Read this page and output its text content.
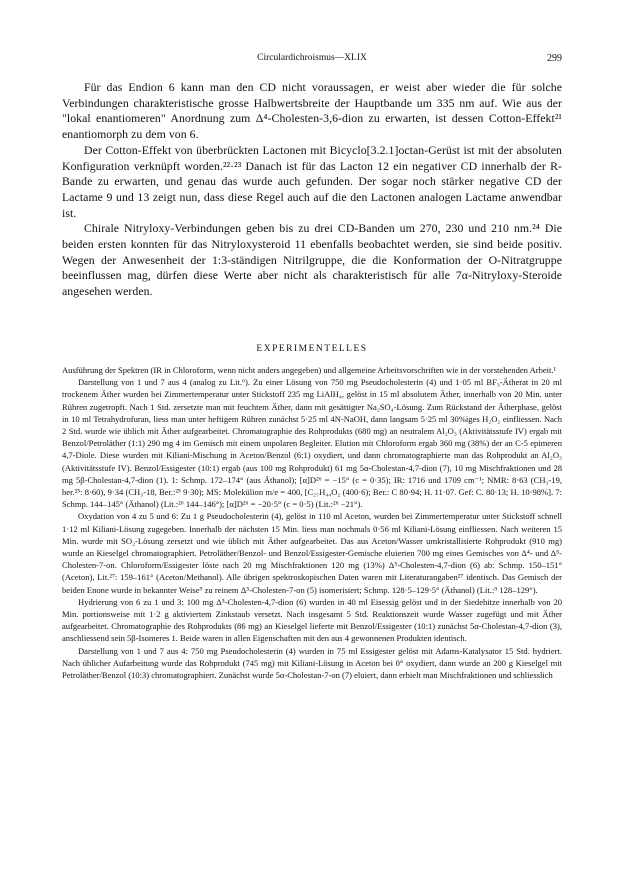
Circulardichroismus—XLIX	299

Für das Endion 6 kann man den CD nicht voraussagen, er weist aber wieder die für solche Verbindungen charakteristische grosse Halbwertsbreite der Hauptbande um 335 nm auf. Wie aus der "lokal enantiomeren" Anordnung zum Δ⁴-Cholesten-3,6-dion zu erwarten, ist dessen Cotton-Effekt²¹ enantiomorph zu dem von 6.

Der Cotton-Effekt von überbrückten Lactonen mit Bicyclo[3.2.1]octan-Gerüst ist mit der absoluten Konfiguration verknüpft worden.²²·²³ Danach ist für das Lacton 12 ein negativer CD innerhalb der R-Bande zu erwarten, und genau das wurde auch gefunden. Der sogar noch stärker negative CD der Lactame 9 und 13 zeigt nun, dass diese Regel auch auf die den Lactonen analogen Lactame anwendbar ist.

Chirale Nitryloxy-Verbindungen geben bis zu drei CD-Banden um 270, 230 und 210 nm.²⁴ Die beiden ersten konnten für das Nitryloxysteroid 11 ebenfalls beobachtet werden, sie sind beide positiv. Wegen der Anwesenheit der 1:3-ständigen Nitrilgruppe, die die Konformation der O-Nitratgruppe beeinflussen mag, dürfen diese Werte aber nicht als charakteristisch für alle 7α-Nitryloxy-Steroide angesehen werden.

EXPERIMENTELLES

Ausführung der Spektren (IR in Chloroform, wenn nicht anders angegeben) und allgemeine Arbeitsvorschriften wie in der vorstehenden Arbeit.¹

Darstellung von 1 und 7 aus 4 (analog zu Lit.⁶). Zu einer Lösung von 750 mg Pseudocholesterin (4) und 1·05 ml BF₃-Ätherat in 20 ml trockenem Äther wurden bei Zimmertemperatur unter Stickstoff 235 mg LiAlH₄, gelöst in 15 ml absolutem Äther, innerhalb von 20 Min. unter Rühren zugetropft. Nach 1 Std. zersetzte man mit feuchtem Äther, dann mit gesättigter Na₂SO₄-Lösung. Zum Rückstand der Ätherphase, gelöst in 10 ml Tetrahydrofuran, liess man unter heftigem Rühren zunächst 5·25 ml 4N-NaOH, dann langsam 5·25 ml 30%iges H₂O₂ einfliessen. Nach 2 Std. wurde wie üblich mit Äther aufgearbeitet. Chromatographie des Rohprodukts (680 mg) an neutralem Al₂O₃ (Aktivitätsstufe IV) ergab mit Benzol/Petroläther (1:1) 290 mg 4 im Gemisch mit einem unpolaren Begleiter. Elution mit Chloroform ergab 360 mg (38%) der an C-5 epimeren 4,7-Diole. Diese wurden mit Kiliani-Mischung in Aceton/Benzol (6:1) oxydiert, und dann chromatographierte man das Rohprodukt an Al₂O₃ (Aktivitätsstufe IV). Benzol/Essigester (10:1) ergab (aus 100 mg Rohprodukt) 61 mg 5α-Cholestan-4,7-dion (7), 10 mg Mischfraktionen und 28 mg 5β-Cholestan-4,7-dion (1). 1: Schmp. 172–174° (aus Äthanol); [α]D²⁶ = −15° (c = 0·35); IR: 1716 und 1709 cm⁻¹; NMR: 8·63 (CH₃-19, ber.²⁵: 8·60), 9·34 (CH₃-18, Ber.:²⁵ 9·30); MS: Molekülion m/e = 400, [C₂₇H₄₄O₂ (400·6); Ber.: C 80·94; H. 11·07. Gef: C. 80·13; H. 10·98%]. 7: Schmp. 144–145° (Äthanol) (Lit.:²⁶ 144–146°); [α]D²⁶ = −20·5° (c = 0·5) (Lit.:²⁶ −21°).

Oxydation von 4 zu 5 und 6: Zu 1 g Pseudocholesterin (4), gelöst in 110 ml Aceton, wurden bei Zimmertemperatur unter Stickstoff schnell 1·12 ml Kiliani-Lösung zugegeben. Innerhalb der nächsten 15 Min. liess man nochmals 0·56 ml Kiliani-Lösung einfliessen. Nach weiteren 15 Min. wurde mit SO₂-Lösung zersetzt und wie üblich mit Äther aufgearbeitet. Das aus Aceton/Wasser umkristallisierte Rohprodukt (910 mg) wurde an Kieselgel chromatographiert. Petroläther/Benzol- und Benzol/Essigester-Gemische eluierten 700 mg eines Gemisches von Δ⁴- und Δ⁵-Cholesten-7-on. Chloroform/Essigester löste nach 20 mg Mischfraktionen 120 mg (13%) Δ⁵-Cholesten-4,7-dion (6) ab: Schmp. 150–151° (Aceton), Lit.²⁷: 159–161° (Aceton/Methanol). Alle übrigen spektroskopischen Daten waren mit Literaturangaben²⁷ identisch. Das Gemisch der beiden Enone wurde in bekannter Weise⁹ zu reinem Δ⁵-Cholesten-7-on (5) isomerisiert; Schmp. 128·5–129·5° (Äthanol) (Lit.:⁹ 128–129°).

Hydrierung von 6 zu 1 und 3: 100 mg Δ⁵-Cholesten-4,7-dion (6) wurden in 40 ml Eisessig gelöst und in der Siedehitze innerhalb von 20 Min. portionsweise mit 1·2 g aktiviertem Zinkstaub versetzt. Nach insgesamt 5 Std. Reaktionszeit wurde Wasser zugefügt und mit Äther aufgearbeitet. Chromatographie des Rohprodukts (86 mg) an Kieselgel lieferte mit Benzol/Essigester (10:1) zunächst 5α-Cholestan-4,7-dion (3), anschliessend sein 5β-Isomeres 1. Beide waren in allen Eigenschaften mit den aus 4 gewonnenen Produkten identisch.

Darstellung von 1 und 7 aus 4: 750 mg Pseudocholesterin (4) wurden in 75 ml Essigester gelöst mit Adams-Katalysator 15 Std. hydriert. Nach üblicher Aufarbeitung wurde das Rohprodukt (745 mg) mit Kiliani-Lösung in Aceton bei 0° oxydiert, dann wurde an 200 g Kieselgel mit Petroläther/Benzol (10:3) chromatographiert. Zunächst wurde 5α-Cholestan-7-on (7) eluiert, dann erhielt man Mischfraktionen und schliesslich
